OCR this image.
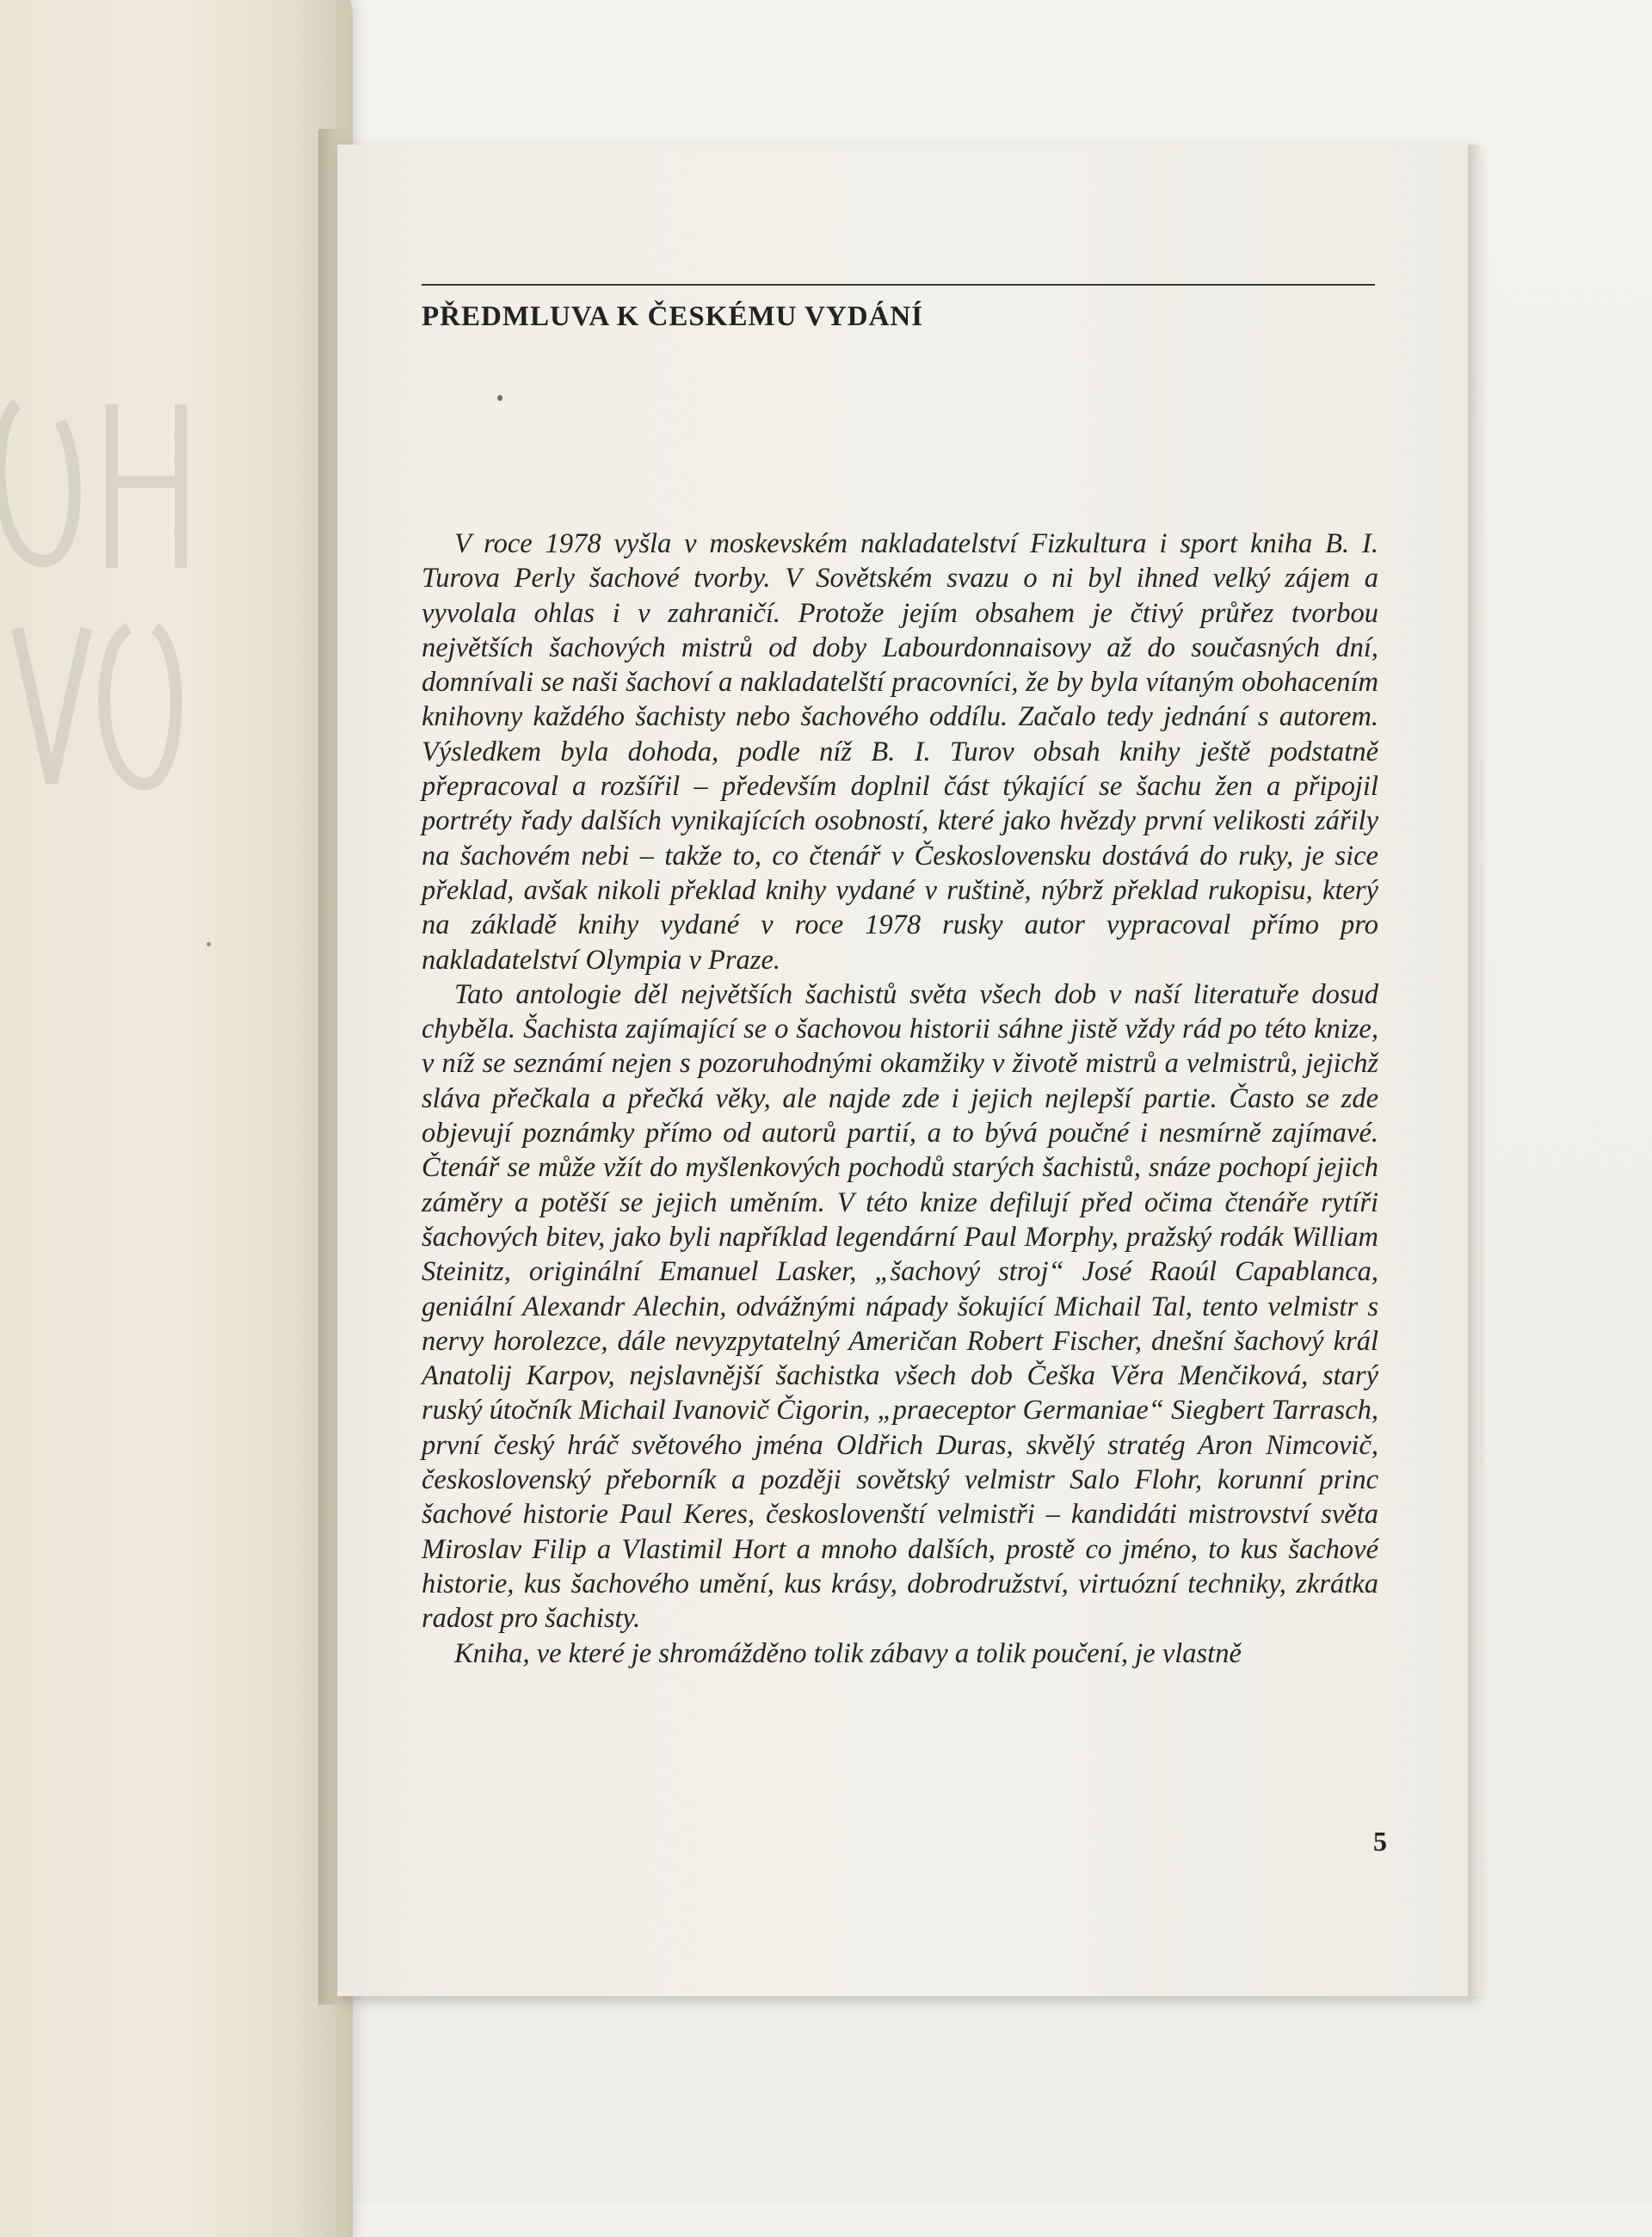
PŘEDMLUVA K ČESKÉMU VYDÁNÍ

V roce 1978 vyšla v moskevském nakladatelství Fizkultura i sport kniha B. I. Turova Perly šachové tvorby. V Sovětském svazu o ni byl ihned velký zájem a vyvolala ohlas i v zahraničí. Protože jejím obsahem je čtivý průřez tvorbou největších šachových mistrů od doby Labourdonnaisovy až do současných dní, domnívali se naši šachoví a nakladatelští pracovníci, že by byla vítaným obohacením knihovny každého šachisty nebo šachového oddílu. Začalo tedy jednání s autorem. Výsledkem byla dohoda, podle níž B. I. Turov obsah knihy ještě podstatně přepracoval a rozšířil – především doplnil část týkající se šachu žen a připojil portréty řady dalších vynikajících osobností, které jako hvězdy první velikosti zářily na šachovém nebi – takže to, co čtenář v Československu dostává do ruky, je sice překlad, avšak nikoli překlad knihy vydané v ruštině, nýbrž překlad rukopisu, který na základě knihy vydané v roce 1978 rusky autor vypracoval přímo pro nakladatelství Olympia v Praze.

Tato antologie děl největších šachistů světa všech dob v naší literatuře dosud chyběla. Šachista zajímající se o šachovou historii sáhne jistě vždy rád po této knize, v níž se seznámí nejen s pozoruhodnými okamžiky v životě mistrů a velmistrů, jejichž sláva přečkala a přečká věky, ale najde zde i jejich nejlepší partie. Často se zde objevují poznámky přímo od autorů partií, a to bývá poučné i nesmírně zajímavé. Čtenář se může vžít do myšlenkových pochodů starých šachistů, snáze pochopí jejich záměry a potěší se jejich uměním. V této knize defilují před očima čtenáře rytíři šachových bitev, jako byli například legendární Paul Morphy, pražský rodák William Steinitz, originální Emanuel Lasker, „šachový stroj“ José Raoúl Capablanca, geniální Alexandr Alechin, odvážnými nápady šokující Michail Tal, tento velmistr s nervy horolezce, dále nevyzpytatelný Američan Robert Fischer, dnešní šachový král Anatolij Karpov, nejslavnější šachistka všech dob Češka Věra Menčiková, starý ruský útočník Michail Ivanovič Čigorin, „praeceptor Germaniae“ Siegbert Tarrasch, první český hráč světového jména Oldřich Duras, skvělý stratég Aron Nimcovič, československý přeborník a později sovětský velmistr Salo Flohr, korunní princ šachové historie Paul Keres, českoslovenští velmistři – kandidáti mistrovství světa Miroslav Filip a Vlastimil Hort a mnoho dalších, prostě co jméno, to kus šachové historie, kus šachového umění, kus krásy, dobrodružství, virtuózní techniky, zkrátka radost pro šachisty.

Kniha, ve které je shromážděno tolik zábavy a tolik poučení, je vlastně

5
